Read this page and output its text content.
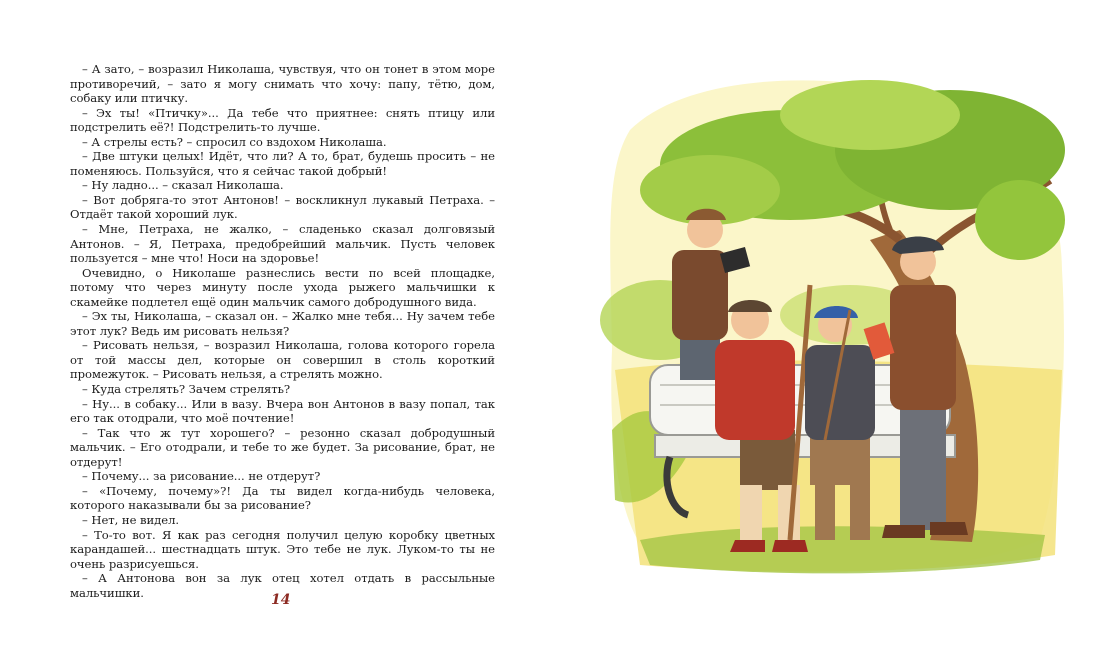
– А зато, – возразил Николаша, чувствуя, что он тонет в этом море противоречий, – зато я могу снимать что хочу: папу, тётю, дом, собаку или птичку.

– Эх ты! «Птичку»... Да тебе что приятнее: снять птицу или подстрелить её?! Подстрелить-то лучше.

– А стрелы есть? – спросил со вздохом Николаша.

– Две штуки целых! Идёт, что ли? А то, брат, будешь просить – не поменяюсь. Пользуйся, что я сейчас такой добрый!

– Ну ладно... – сказал Николаша.

– Вот добряга-то этот Антонов! – воскликнул лукавый Петраха. – Отдаёт такой хороший лук.

– Мне, Петраха, не жалко, – сладенько сказал долговязый Антонов. – Я, Петраха, предобрейший мальчик. Пусть человек пользуется – мне что! Носи на здоровье!

Очевидно, о Николаше разнеслись вести по всей площадке, потому что через минуту после ухода рыжего мальчишки к скамейке подлетел ещё один мальчик самого добродушного вида.

– Эх ты, Николаша, – сказал он. – Жалко мне тебя... Ну зачем тебе этот лук? Ведь им рисовать нельзя?

– Рисовать нельзя, – возразил Николаша, голова которого горела от той массы дел, которые он совершил в столь короткий промежуток. – Рисовать нельзя, а стрелять можно.

– Куда стрелять? Зачем стрелять?

– Ну... в собаку... Или в вазу. Вчера вон Антонов в вазу попал, так его так отодрали, что моё почтение!

– Так что ж тут хорошего? – резонно сказал добродушный мальчик. – Его отодрали, и тебе то же будет. За рисование, брат, не отдерут!

– Почему... за рисование... не отдерут?

– «Почему, почему»?! Да ты видел когда-нибудь человека, которого наказывали бы за рисование?

– Нет, не видел.

– То-то вот. Я как раз сегодня получил целую коробку цветных карандашей... шестнадцать штук. Это тебе не лук. Луком-то ты не очень разрисуешься.

– А Антонова вон за лук отец хотел отдать в рассыльные мальчишки.	14
